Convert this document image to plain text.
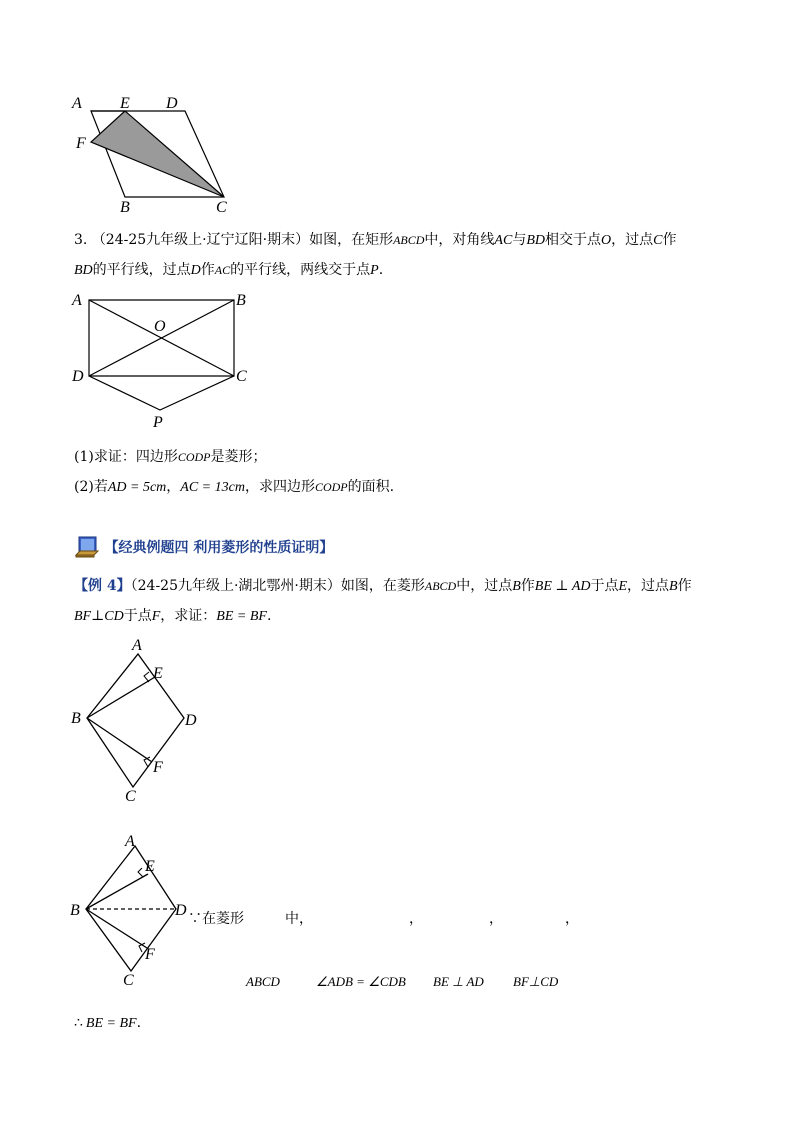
A E D
F
B	C
3. （24-25九年级上·辽宁辽阳·期末）如图，在矩形ABCD中，对角线AC与BD相交于点O，过点C作
BD的平行线，过点D作AC的平行线，两线交于点P.
A	B
O
D	C
P
(1)求证：四边形CODP是菱形；
(2)若AD = 5cm，AC = 13cm，求四边形CODP的面积.
【经典例题四 利用菱形的性质证明】
【例 4】（24-25九年级上·湖北鄂州·期末）如图，在菱形ABCD中，过点B作BE ⊥ AD于点E，过点B作
BF⊥CD于点F，求证：BE = BF.
A
E
B	D
F
C
A
E
B	D
F
C
∵在菱形	中，	，	，	，
ABCD	∠ADB = ∠CDB BE ⊥ AD BF⊥CD
∴ BE = BF.
